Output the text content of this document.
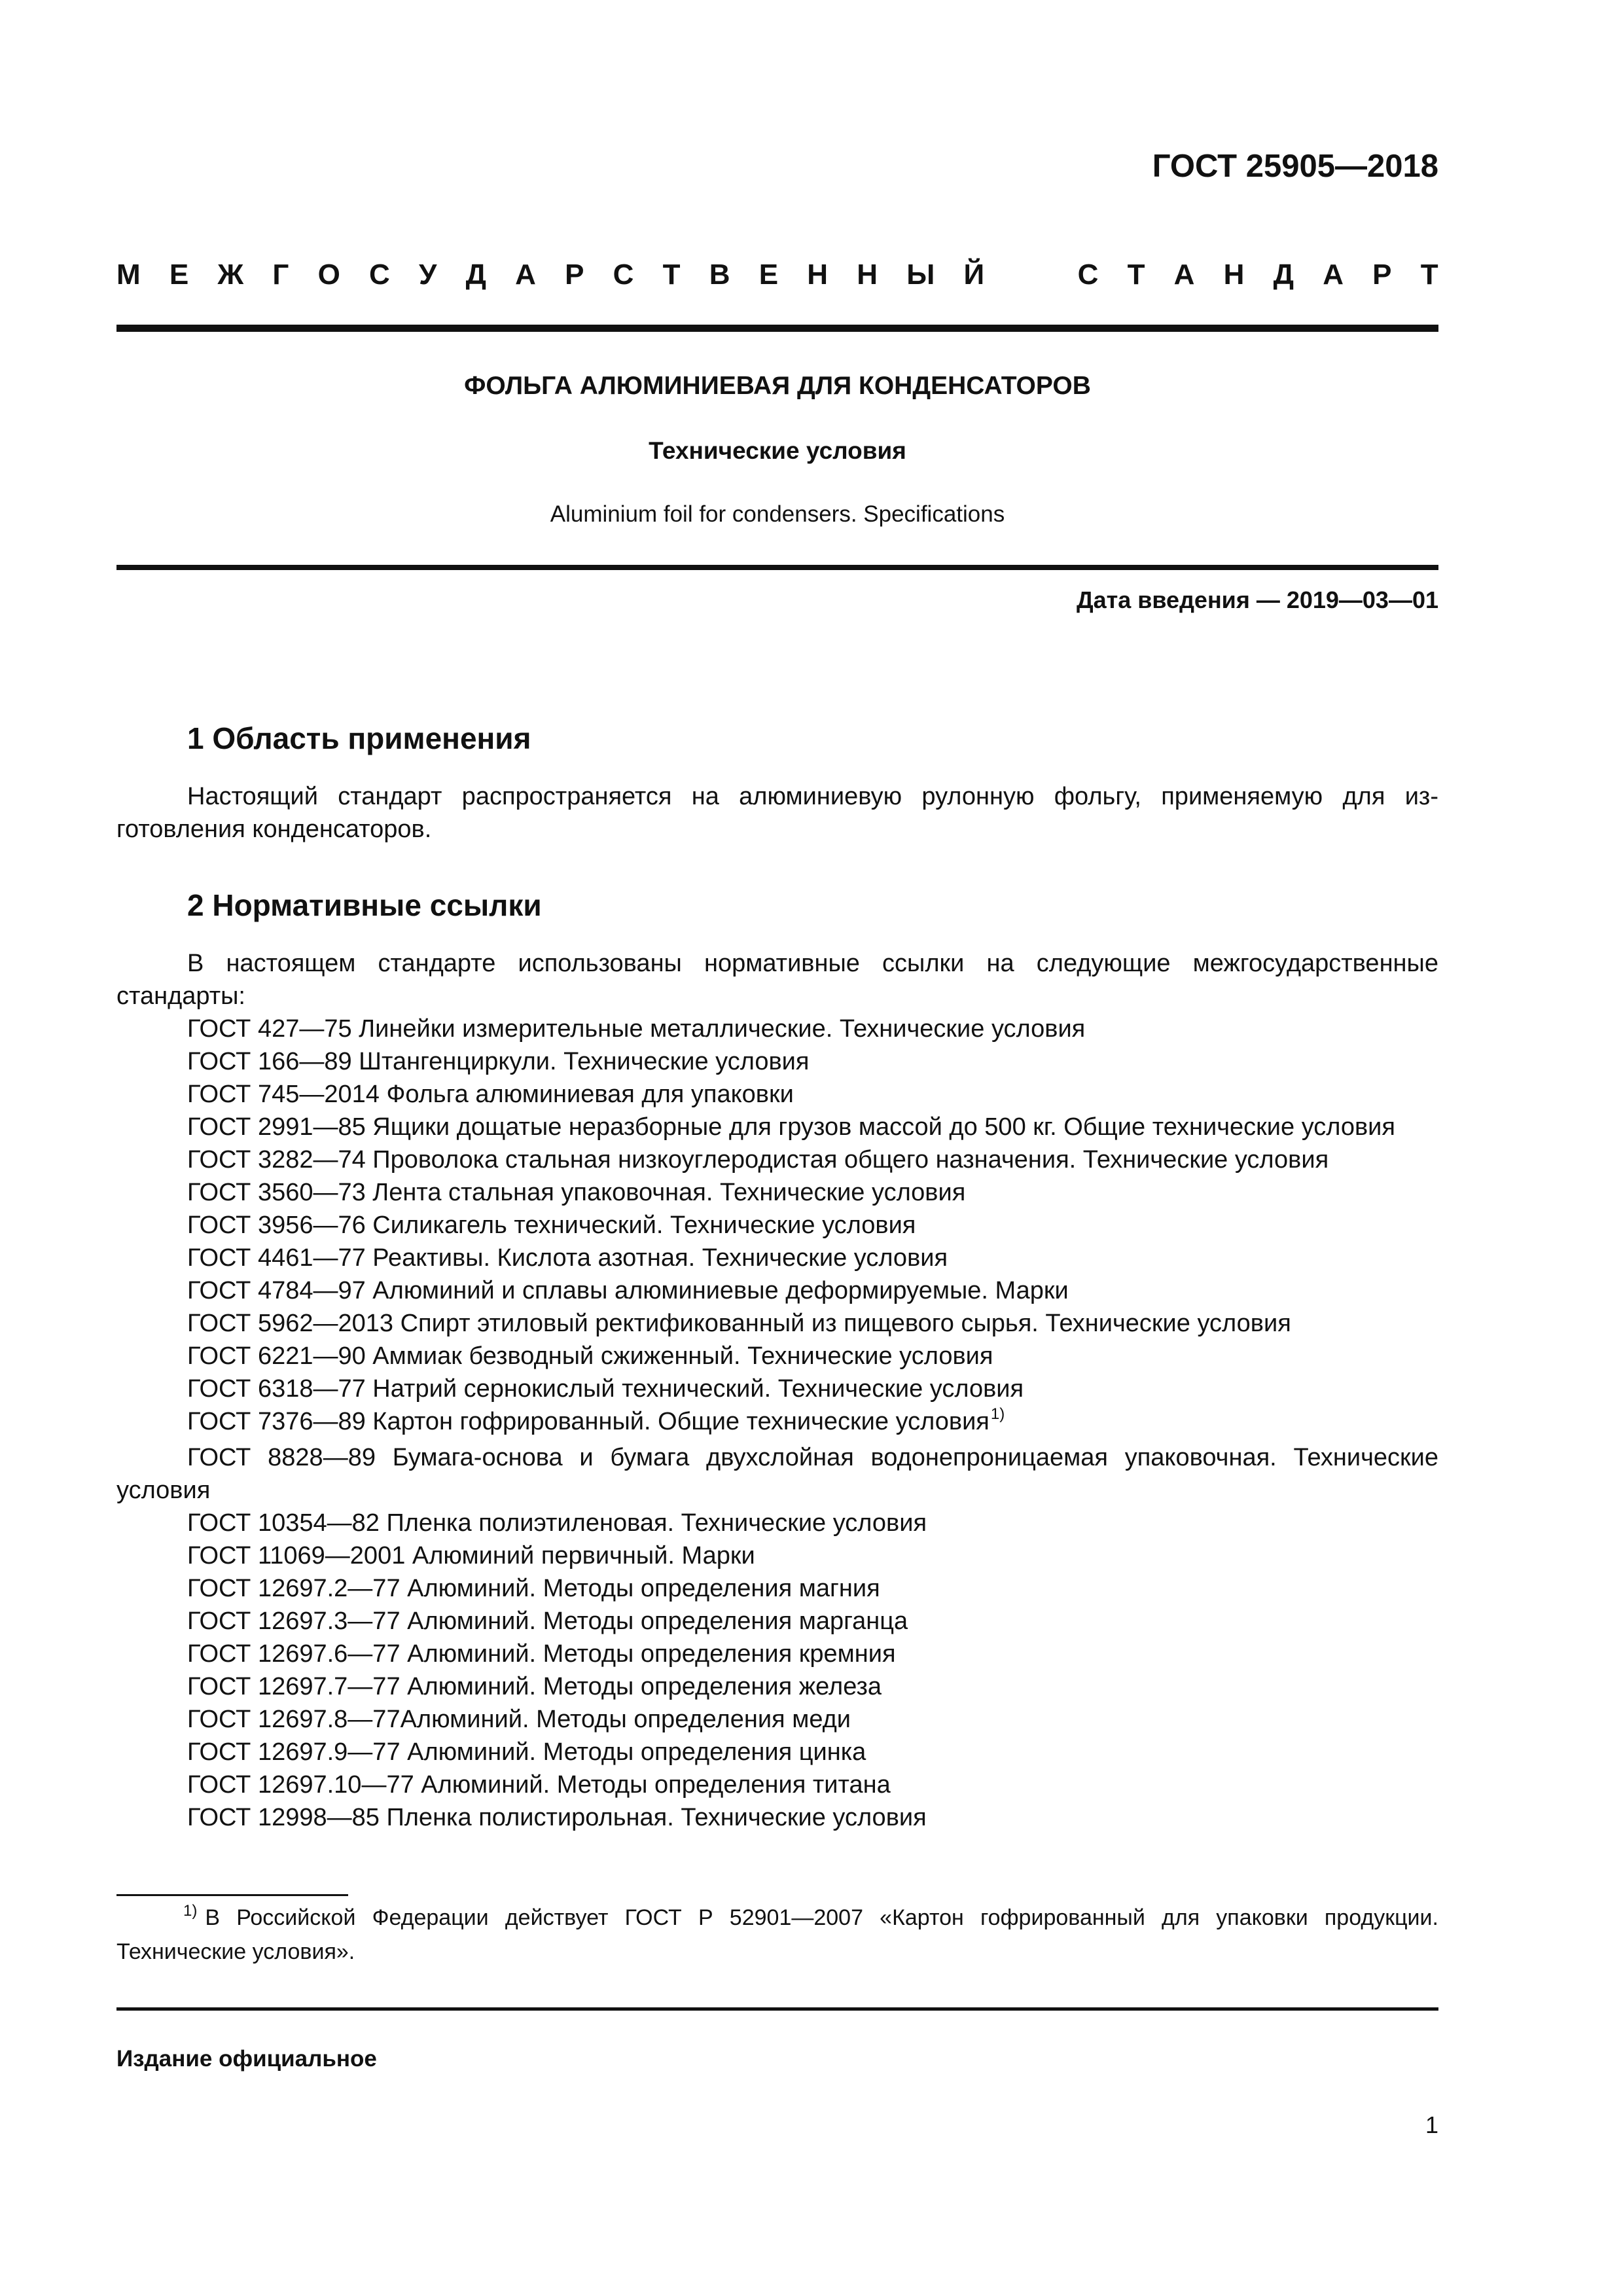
ГОСТ 25905—2018
М Е Ж Г О С У Д А Р С Т В Е Н Н Ы Й	С Т А Н Д А Р Т
ФОЛЬГА АЛЮМИНИЕВАЯ ДЛЯ КОНДЕНСАТОРОВ
Технические условия
Aluminium foil for condensers. Specifications
Дата введения — 2019—03—01
1 Область применения
Настоящий стандарт распространяется на алюминиевую рулонную фольгу, применяемую для изготовления конденсаторов.
2 Нормативные ссылки
В настоящем стандарте использованы нормативные ссылки на следующие межгосударственные стандарты:
ГОСТ 427—75 Линейки измерительные металлические. Технические условия
ГОСТ 166—89 Штангенциркули. Технические условия
ГОСТ 745—2014 Фольга алюминиевая для упаковки
ГОСТ 2991—85 Ящики дощатые неразборные для грузов массой до 500 кг. Общие технические условия
ГОСТ 3282—74 Проволока стальная низкоуглеродистая общего назначения. Технические условия
ГОСТ 3560—73 Лента стальная упаковочная. Технические условия
ГОСТ 3956—76 Силикагель технический. Технические условия
ГОСТ 4461—77 Реактивы. Кислота азотная. Технические условия
ГОСТ 4784—97 Алюминий и сплавы алюминиевые деформируемые. Марки
ГОСТ 5962—2013 Спирт этиловый ректификованный из пищевого сырья. Технические условия
ГОСТ 6221—90 Аммиак безводный сжиженный. Технические условия
ГОСТ 6318—77 Натрий сернокислый технический. Технические условия
ГОСТ 7376—89 Картон гофрированный. Общие технические условия$^{1)}$
ГОСТ 8828—89 Бумага-основа и бумага двухслойная водонепроницаемая упаковочная. Технические условия
ГОСТ 10354—82 Пленка полиэтиленовая. Технические условия
ГОСТ 11069—2001 Алюминий первичный. Марки
ГОСТ 12697.2—77 Алюминий. Методы определения магния
ГОСТ 12697.3—77 Алюминий. Методы определения марганца
ГОСТ 12697.6—77 Алюминий. Методы определения кремния
ГОСТ 12697.7—77 Алюминий. Методы определения железа
ГОСТ 12697.8—77Алюминий. Методы определения меди
ГОСТ 12697.9—77 Алюминий. Методы определения цинка
ГОСТ 12697.10—77 Алюминий. Методы определения титана
ГОСТ 12998—85 Пленка полистирольная. Технические условия
$^{1)}$ В Российской Федерации действует ГОСТ Р 52901—2007 «Картон гофрированный для упаковки продукции. Технические условия».
Издание официальное
1
